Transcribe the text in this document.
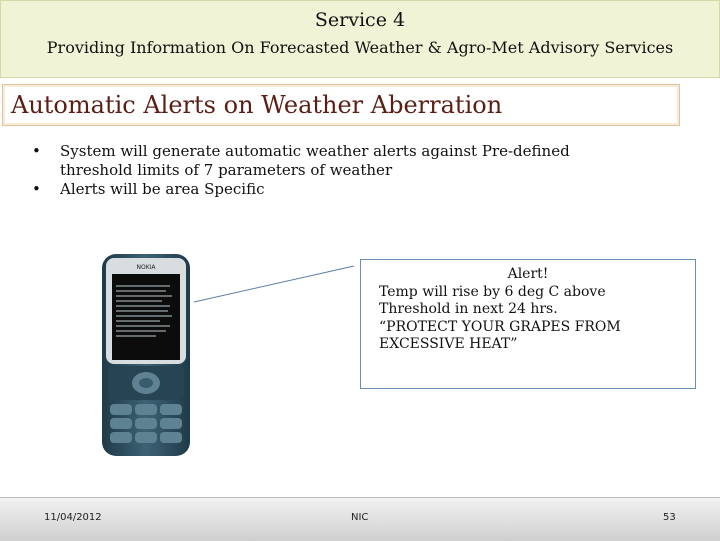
Service 4
Providing Information On Forecasted Weather & Agro-Met Advisory Services
Automatic Alerts on Weather Aberration
•	System will generate automatic weather alerts against Pre-defined threshold limits of 7 parameters of weather
•	Alerts will be area Specific
NOKIA	Alert!
Temp will rise by 6 deg C above
Threshold in next 24 hrs.
“PROTECT YOUR GRAPES FROM
EXCESSIVE HEAT”
11/04/2012	NIC	53
